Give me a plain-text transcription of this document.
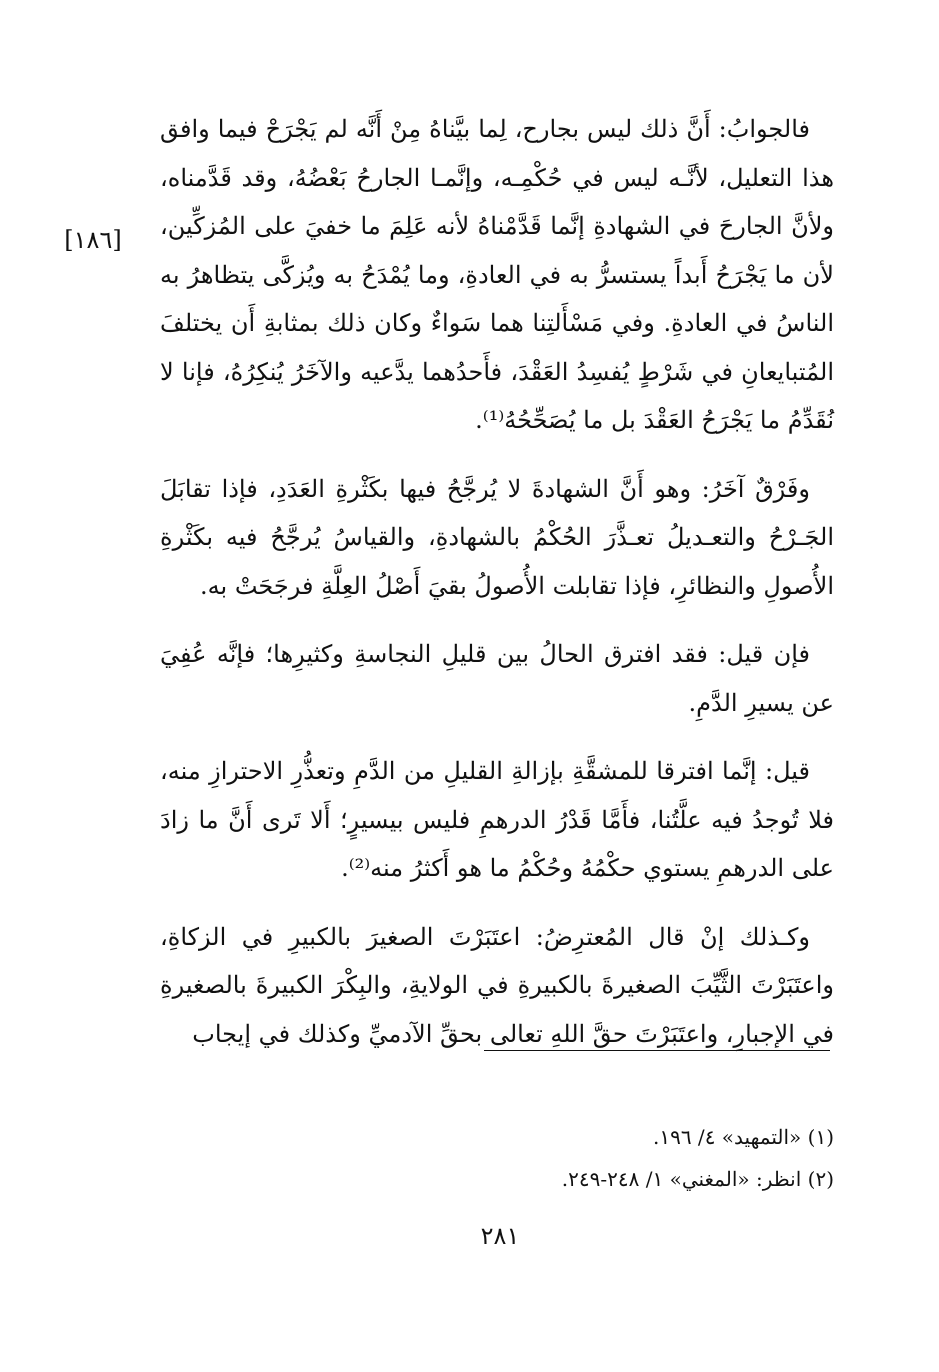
[١٨٦]

فالجوابُ: أَنَّ ذلك ليس بجارح، لِما بيَّناهُ مِنْ أَنَّه لم يَجْرَحْ فيما وافق هذا التعليل، لأنَّـه ليس في حُكْمِـه، وإنَّمـا الجارحُ بَعْضُهُ، وقد قَدَّمناه، ولأنَّ الجارحَ في الشهادةِ إنَّما قَدَّمْناهُ لأنه عَلِمَ ما خفيَ على المُزكِّين، لأن ما يَجْرَحُ أَبداً يستسرُّ به في العادةِ، وما يُمْدَحُ به ويُزكَّى يتظاهرُ به الناسُ في العادةِ. وفي مَسْأَلتِنا هما سَواءٌ وكان ذلك بمثابةِ أَن يختلفَ المُتبايعانِ في شَرْطٍ يُفسِدُ العَقْدَ، فأَحدُهما يدَّعيه والآخَرُ يُنكِرُهُ، فإنا لا نُقَدِّمُ ما يَجْرَحُ العَقْدَ بل ما يُصَحِّحُهُ⁽¹⁾.

وفَرْقٌ آخَرُ: وهو أَنَّ الشهادةَ لا يُرجَّحُ فيها بكَثْرةِ العَدَدِ، فإذا تقابَلَ الجَـرْحُ والتعـديلُ تعـذَّرَ الحُكْمُ بالشهادةِ، والقياسُ يُرجَّحُ فيه بكَثْرةِ الأُصولِ والنظائرِ، فإذا تقابلت الأُصولُ بقيَ أَصْلُ العِلَّةِ فرجَحَتْ به.

فإن قيل: فقد افترق الحالُ بين قليلِ النجاسةِ وكثيرِها؛ فإنَّه عُفِيَ عن يسيرِ الدَّمِ.

قيل: إنَّما افترقا للمشقَّةِ بإزالةِ القليلِ من الدَّمِ وتعذُّرِ الاحترازِ منه، فلا تُوجدُ فيه علَّتُنا، فأَمَّا قَدْرُ الدرهمِ فليس بيسيرٍ؛ أَلا تَرى أَنَّ ما زادَ على الدرهمِ يستوي حكْمُهُ وحُكْمُ ما هو أَكثرُ منه⁽²⁾.

وكـذلك إنْ قال المُعترِضُ: اعتَبَرْتَ الصغيرَ بالكبيرِ في الزكاةِ، واعتَبَرْتَ الثَّيِّبَ الصغيرةَ بالكبيرةِ في الولايةِ، والبِكْرَ الكبيرةَ بالصغيرةِ في الإجبارِ، واعتَبَرْتَ حقَّ اللهِ تعالى بحقِّ الآدميِّ وكذلك في إيجاب

(١) «التمهيد» ٤/ ١٩٦.

(٢) انظر: «المغني» ١/ ٢٤٨-٢٤٩.

٢٨١
